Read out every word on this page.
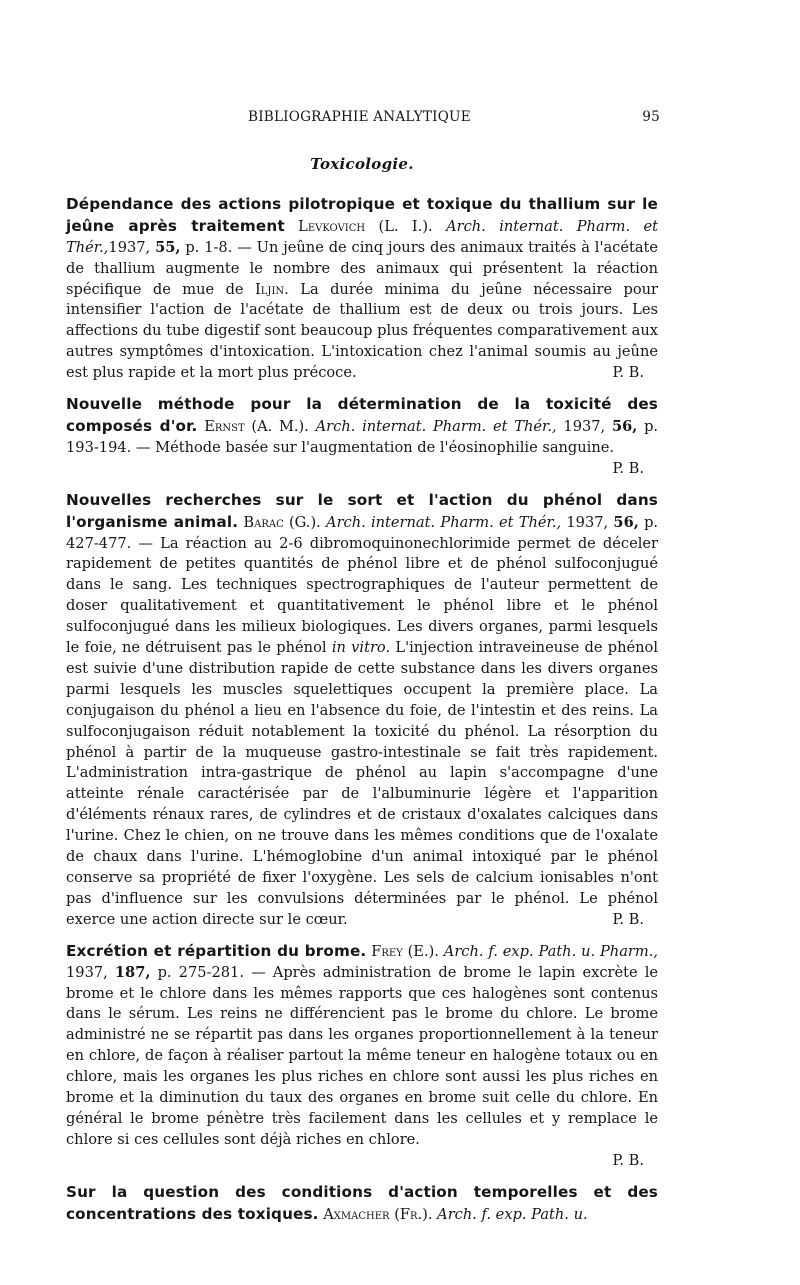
BIBLIOGRAPHIE ANALYTIQUE	95
Toxicologie.

Dépendance des actions pilotropique et toxique du thallium sur le jeûne après traitement Levkovich (L. I.). Arch. internat. Pharm. et Thér.,1937, 55, p. 1-8. — Un jeûne de cinq jours des animaux traités à l'acétate de thallium augmente le nombre des animaux qui présentent la réaction spécifique de mue de Iljin. La durée minima du jeûne nécessaire pour intensifier l'action de l'acétate de thallium est de deux ou trois jours. Les affections du tube digestif sont beaucoup plus fréquentes comparativement aux autres symptômes d'intoxication. L'intoxication chez l'animal soumis au jeûne est plus rapide et la mort plus précoce.	P. B.

Nouvelle méthode pour la détermination de la toxicité des composés d'or. Ernst (A. M.). Arch. internat. Pharm. et Thér., 1937, 56, p. 193-194. — Méthode basée sur l'augmentation de l'éosinophilie sanguine.
P. B.

Nouvelles recherches sur le sort et l'action du phénol dans l'organisme animal. Barac (G.). Arch. internat. Pharm. et Thér., 1937, 56, p. 427-477. — La réaction au 2-6 dibromoquinonechlorimide permet de déceler rapidement de petites quantités de phénol libre et de phénol sulfoconjugué dans le sang. Les techniques spectrographiques de l'auteur permettent de doser qualitativement et quantitativement le phénol libre et le phénol sulfoconjugué dans les milieux biologiques. Les divers organes, parmi lesquels le foie, ne détruisent pas le phénol in vitro. L'injection intraveineuse de phénol est suivie d'une distribution rapide de cette substance dans les divers organes parmi lesquels les muscles squelettiques occupent la première place. La conjugaison du phénol a lieu en l'absence du foie, de l'intestin et des reins. La sulfoconjugaison réduit notablement la toxicité du phénol. La résorption du phénol à partir de la muqueuse gastro-intestinale se fait très rapidement. L'administration intra-gastrique de phénol au lapin s'accompagne d'une atteinte rénale caractérisée par de l'albuminurie légère et l'apparition d'éléments rénaux rares, de cylindres et de cristaux d'oxalates calciques dans l'urine. Chez le chien, on ne trouve dans les mêmes conditions que de l'oxalate de chaux dans l'urine. L'hémoglobine d'un animal intoxiqué par le phénol conserve sa propriété de fixer l'oxygène. Les sels de calcium ionisables n'ont pas d'influence sur les convulsions déterminées par le phénol. Le phénol exerce une action directe sur le cœur.	P. B.

Excrétion et répartition du brome. Frey (E.). Arch. f. exp. Path. u. Pharm., 1937, 187, p. 275-281. — Après administration de brome le lapin excrète le brome et le chlore dans les mêmes rapports que ces halogènes sont contenus dans le sérum. Les reins ne différencient pas le brome du chlore. Le brome administré ne se répartit pas dans les organes proportionnellement à la teneur en chlore, de façon à réaliser partout la même teneur en halogène totaux ou en chlore, mais les organes les plus riches en chlore sont aussi les plus riches en brome et la diminution du taux des organes en brome suit celle du chlore. En général le brome pénètre très facilement dans les cellules et y remplace le chlore si ces cellules sont déjà riches en chlore.
P. B.

Sur la question des conditions d'action temporelles et des concentrations des toxiques. Axmacher (Fr.). Arch. f. exp. Path. u.
